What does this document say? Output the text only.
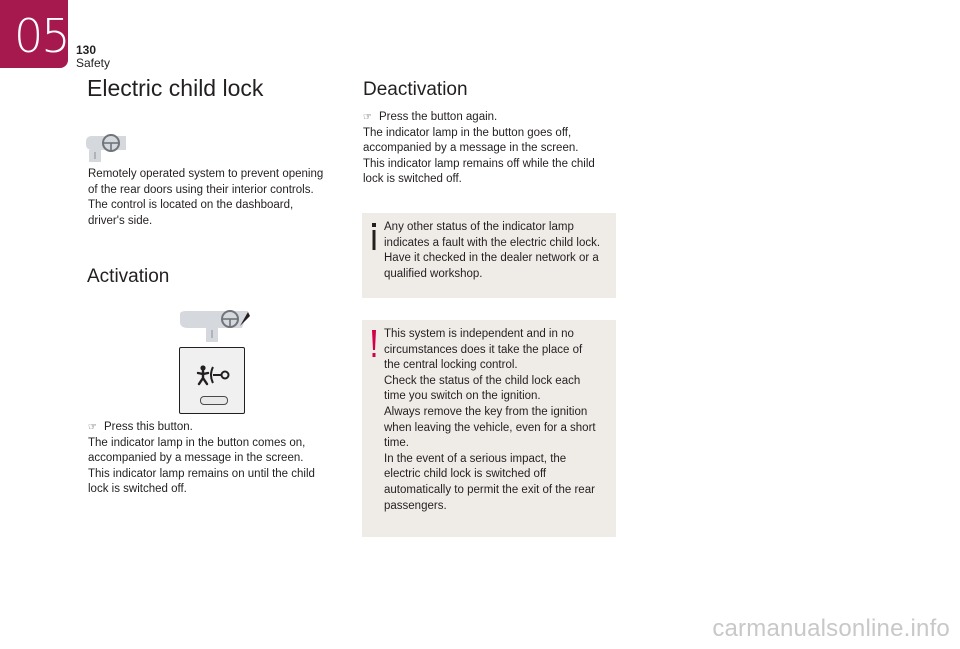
05 130
Safety
Electric child lock

Remotely operated system to prevent opening

of the rear doors using their interior controls.

The control is located on the dashboard,

driver's side.

Activation

☞ Press this button.

The indicator lamp in the button comes on,

accompanied by a message in the screen.

This indicator lamp remains on until the child

lock is switched off.

Deactivation

☞ Press the button again.

The indicator lamp in the button goes off,

accompanied by a message in the screen.

This indicator lamp remains off while the child

lock is switched off.

Any other status of the indicator lamp

indicates a fault with the electric child lock.

Have it checked in the dealer network or a

qualified workshop.

This system is independent and in no

circumstances does it take the place of

the central locking control.

Check the status of the child lock each

time you switch on the ignition.

Always remove the key from the ignition

when leaving the vehicle, even for a short

time.

In the event of a serious impact, the

electric child lock is switched off

automatically to permit the exit of the rear

passengers.

carmanualsonline.info
